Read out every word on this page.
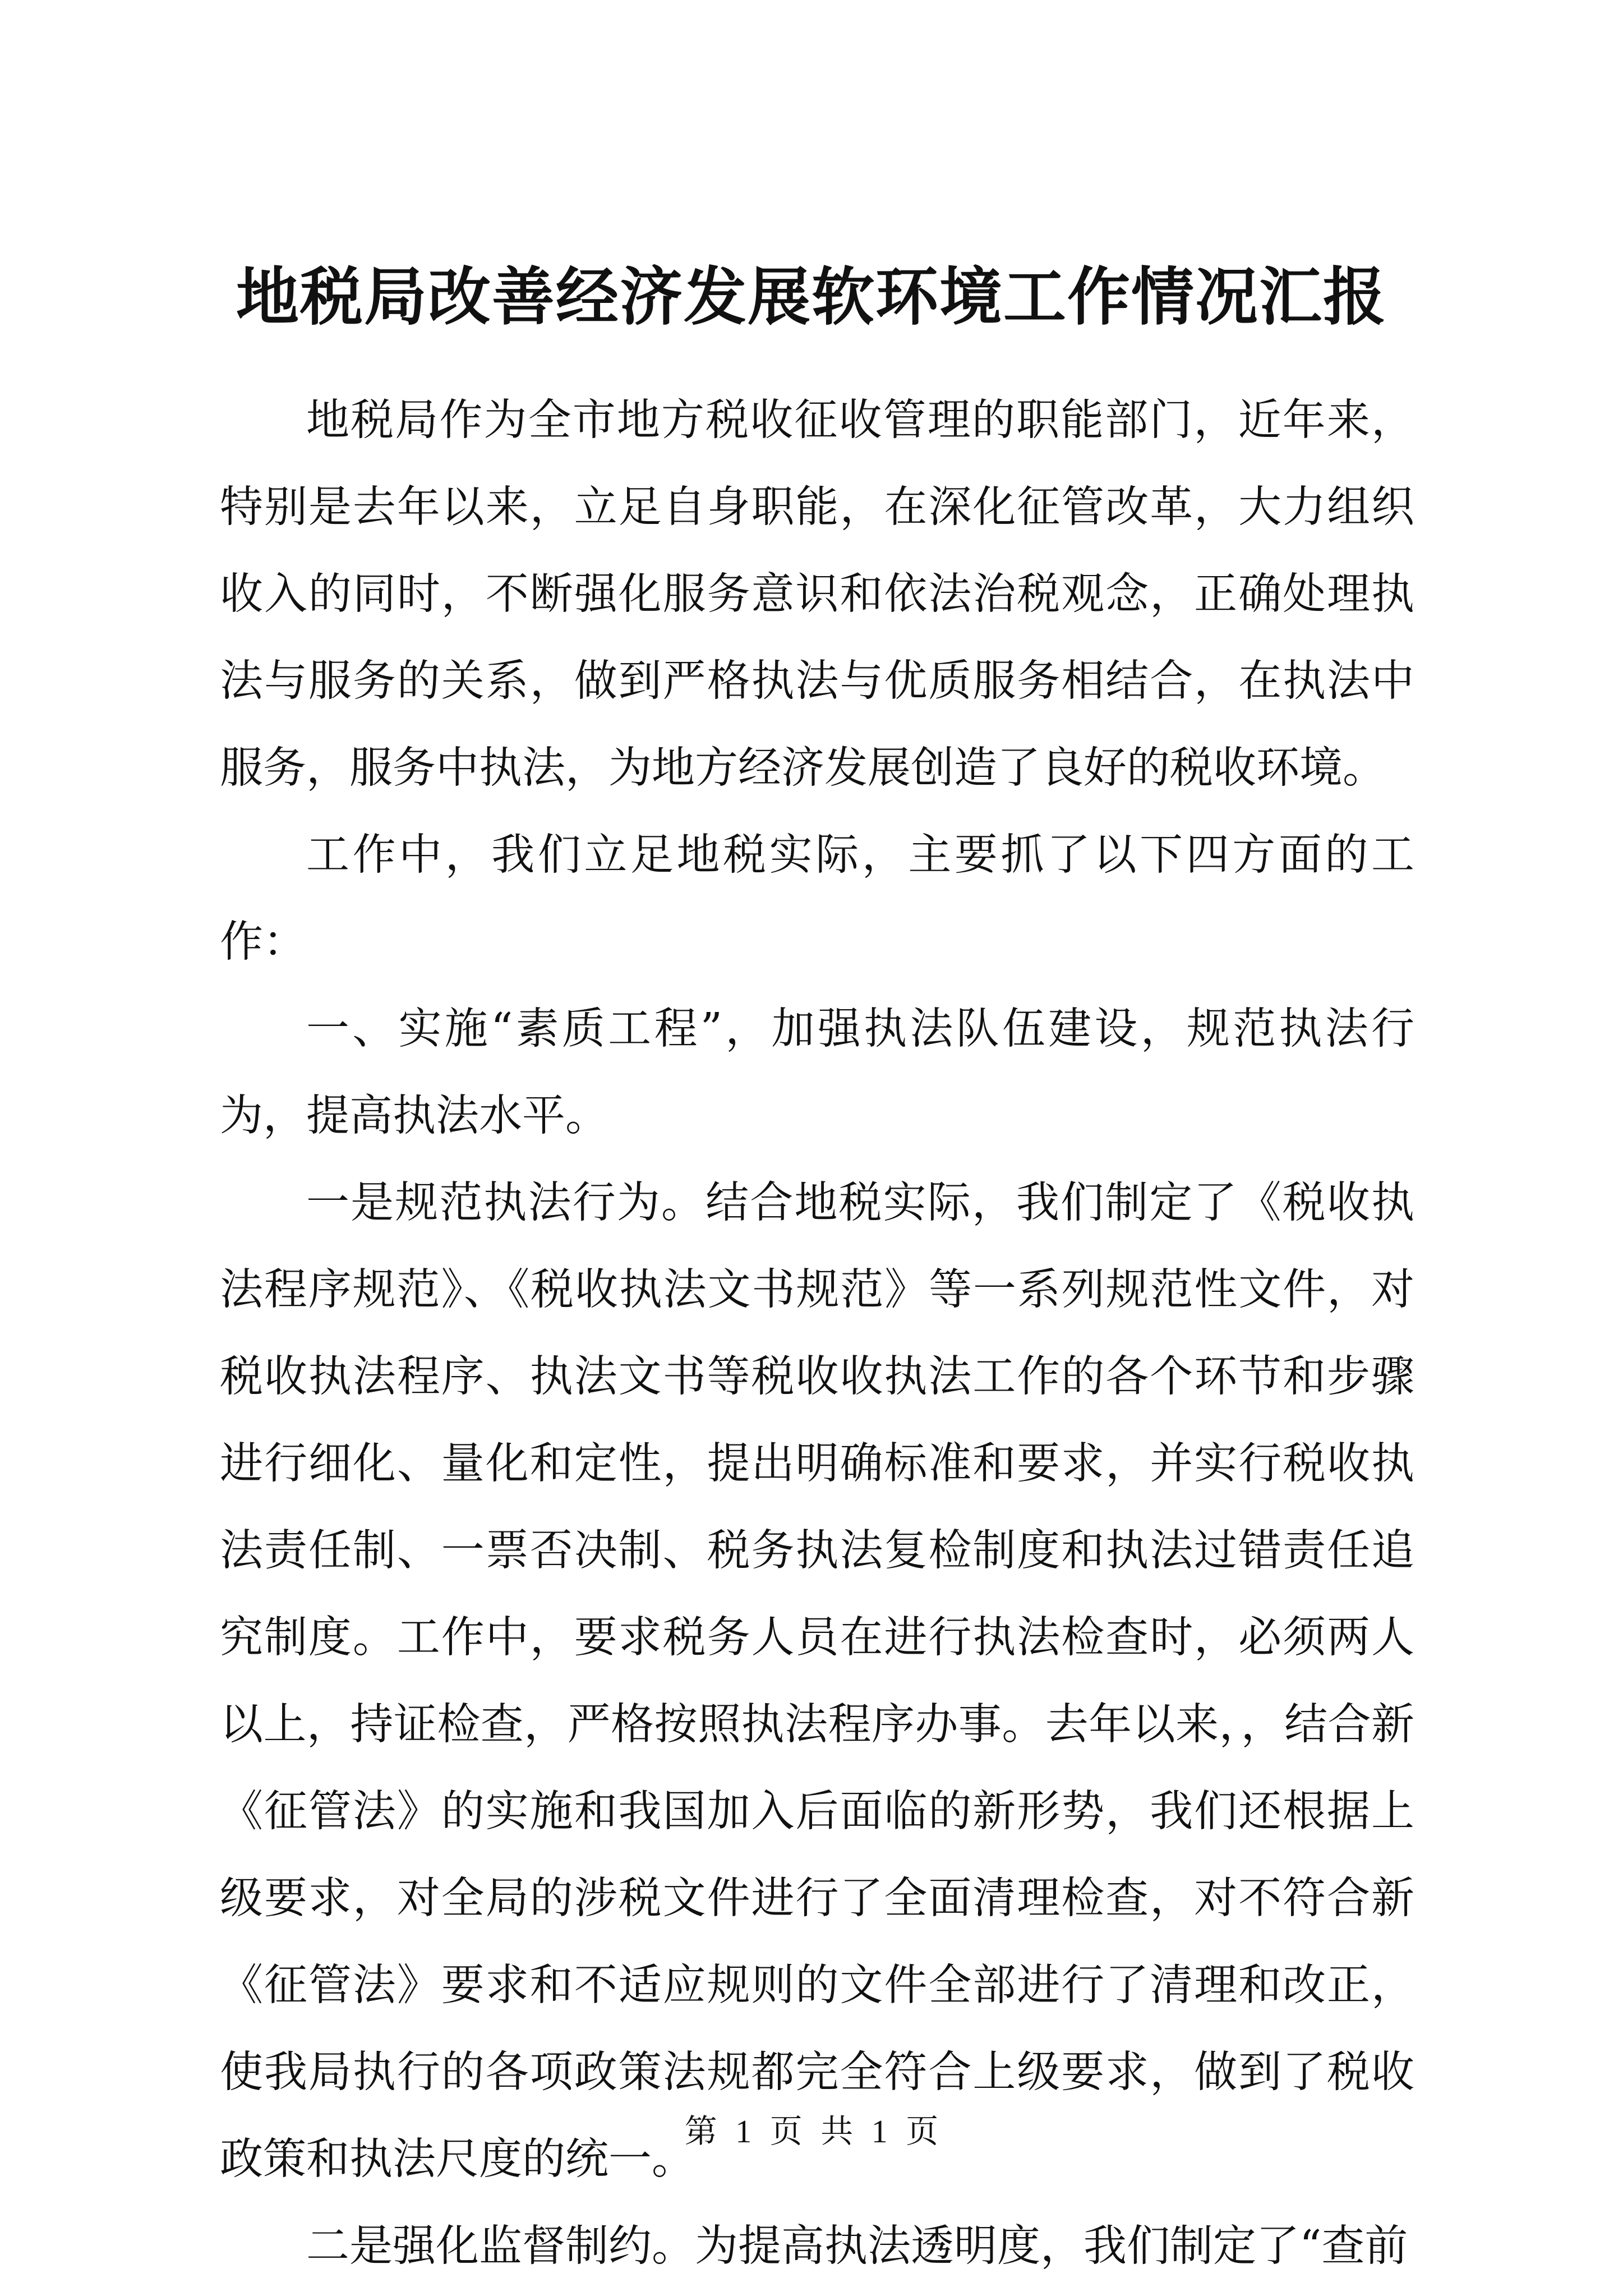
地税局改善经济发展软环境工作情况汇报

地税局作为全市地方税收征收管理的职能部门，近年来，特别是去年以来，立足自身职能，在深化征管改革，大力组织收入的同时，不断强化服务意识和依法治税观念，正确处理执法与服务的关系，做到严格执法与优质服务相结合，在执法中服务，服务中执法，为地方经济发展创造了良好的税收环境。

工作中，我们立足地税实际，主要抓了以下四方面的工作：

一、实施“素质工程”，加强执法队伍建设，规范执法行为，提高执法水平。

一是规范执法行为。结合地税实际，我们制定了《税收执法程序规范》、《税收执法文书规范》等一系列规范性文件，对税收执法程序、执法文书等税收收执法工作的各个环节和步骤进行细化、量化和定性，提出明确标准和要求，并实行税收执法责任制、一票否决制、税务执法复检制度和执法过错责任追究制度。工作中，要求税务人员在进行执法检查时，必须两人以上，持证检查，严格按照执法程序办事。去年以来，，结合新《征管法》的实施和我国加入后面临的新形势，我们还根据上级要求，对全局的涉税文件进行了全面清理检查，对不符合新《征管法》要求和不适应规则的文件全部进行了清理和改正，使我局执行的各项政策法规都完全符合上级要求，做到了税收政策和执法尺度的统一。

二是强化监督制约。为提高执法透明度，我们制定了“查前

第 1 页 共 1 页
